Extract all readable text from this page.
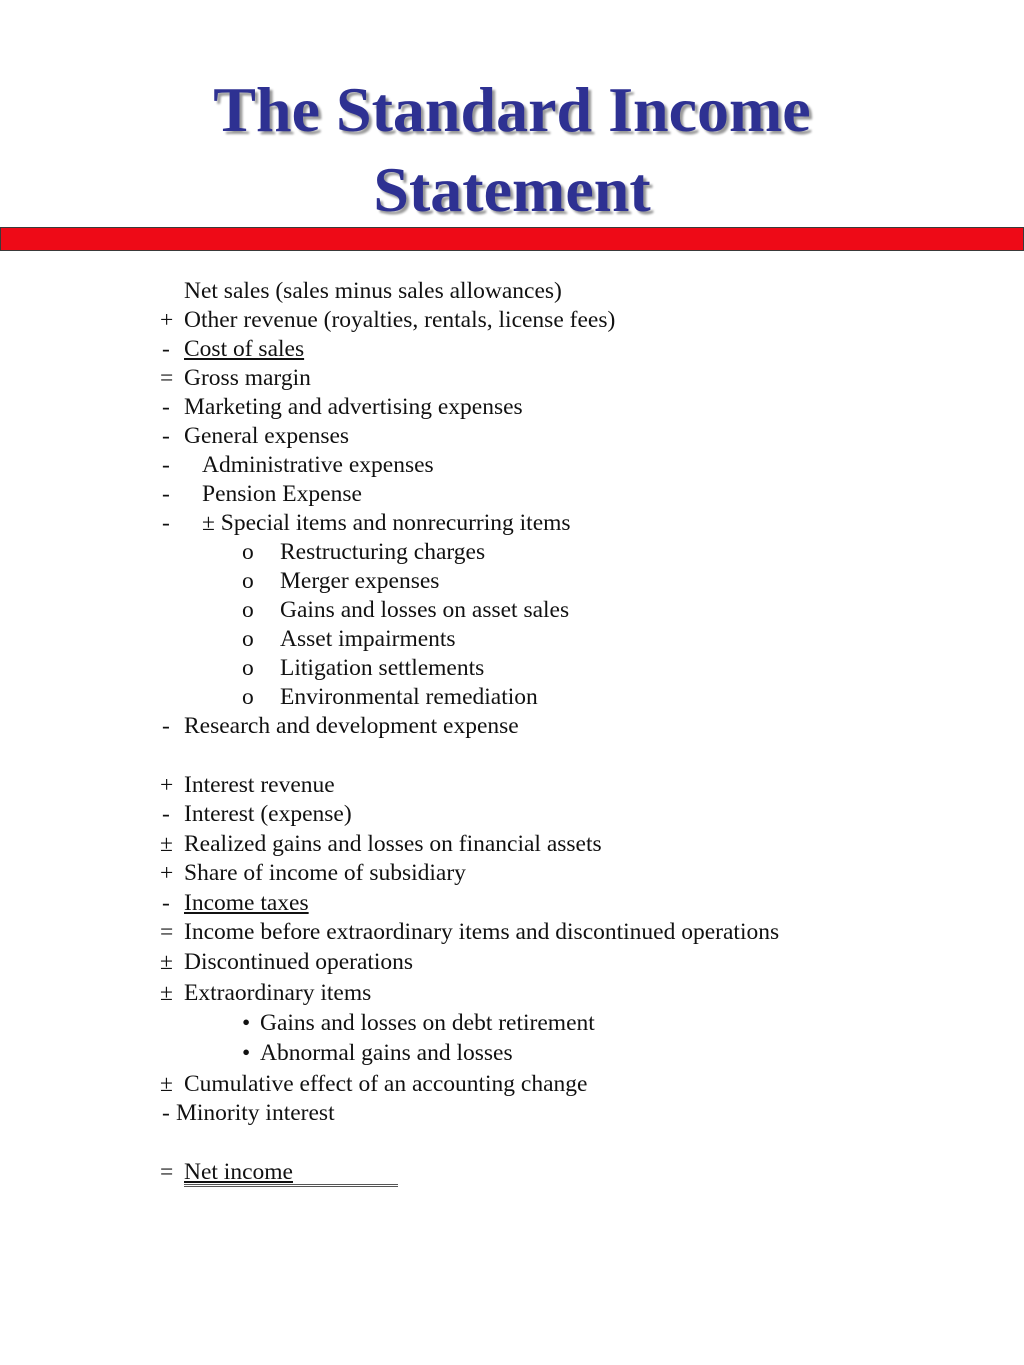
The Standard Income
Statement
Net sales (sales minus sales allowances)
+ Other revenue (royalties, rentals, license fees)
- Cost of sales
= Gross margin
- Marketing and advertising expenses
- General expenses
- Administrative expenses
- Pension Expense
- ± Special items and nonrecurring items
o Restructuring charges
o Merger expenses
o Gains and losses on asset sales
o Asset impairments
o Litigation settlements
o Environmental remediation
- Research and development expense
+ Interest revenue
- Interest (expense)
± Realized gains and losses on financial assets
+ Share of income of subsidiary
- Income taxes
= Income before extraordinary items and discontinued operations
± Discontinued operations
± Extraordinary items
• Gains and losses on debt retirement
• Abnormal gains and losses
± Cumulative effect of an accounting change
- Minority interest
= Net income
